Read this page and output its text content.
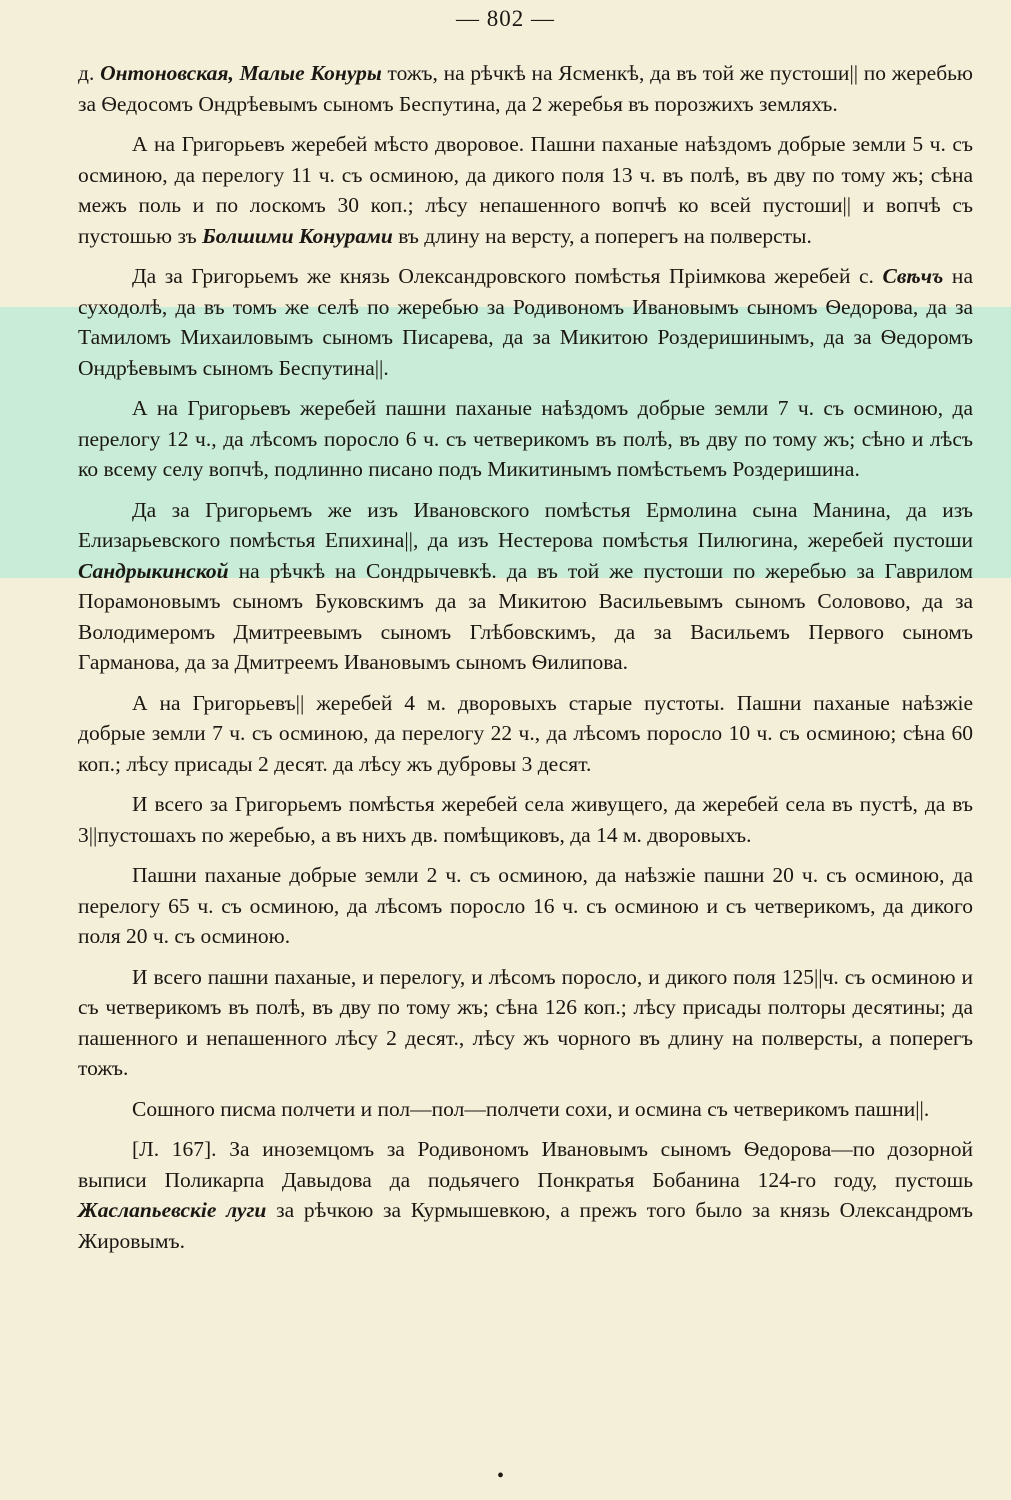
— 802 —

д. Онтоновская, Малые Конуры тожъ, на рѣчкѣ на Ясменкѣ, да въ той же пустоши|| по жеребью за Ѳедосомъ Ондрѣевымъ сыномъ Беспутина, да 2 жеребья въ порозжихъ земляхъ.

А на Григорьевъ жеребей мѣсто дворовое. Пашни паханые наѣздомъ добрые земли 5 ч. съ осминою, да перелогу 11 ч. съ осминою, да дикого поля 13 ч. въ полѣ, въ дву по тому жъ; сѣна межъ поль и по лоскомъ 30 коп.; лѣсу непашенного вопчѣ ко всей пустоши|| и вопчѣ съ пустошью зъ Болшими Конурами въ длину на версту, а поперегъ на полверсты.

Да за Григорьемъ же князь Олександровского помѣстья Пріимкова жеребей с. Свѣчъ на суходолѣ, да въ томъ же селѣ по жеребью за Родивономъ Ивановымъ сыномъ Ѳедорова, да за Тамиломъ Михаиловымъ сыномъ Писарева, да за Микитою Роздеришинымъ, да за Ѳедоромъ Ондрѣевымъ сыномъ Беспутина||.

А на Григорьевъ жеребей пашни паханые наѣздомъ добрые земли 7 ч. съ осминою, да перелогу 12 ч., да лѣсомъ поросло 6 ч. съ четверикомъ въ полѣ, въ дву по тому жъ; сѣно и лѣсъ ко всему селу вопчѣ, подлинно писано подъ Микитинымъ помѣстьемъ Роздеришина.

Да за Григорьемъ же изъ Ивановского помѣстья Ермолина сына Манина, да изъ Елизарьевского помѣстья Епихина||, да изъ Нестерова помѣстья Пилюгина, жеребей пустоши Сандрыкинской на рѣчкѣ на Сондрычевкѣ. да въ той же пустоши по жеребью за Гаврилом Порамоновымъ сыномъ Буковскимъ да за Микитою Васильевымъ сыномъ Соловово, да за Володимеромъ Дмитреевымъ сыномъ Глѣбовскимъ, да за Васильемъ Первого сыномъ Гарманова, да за Дмитреемъ Ивановымъ сыномъ Ѳилипова.

А на Григорьевъ|| жеребей 4 м. дворовыхъ старые пустоты. Пашни паханые наѣзжіе добрые земли 7 ч. съ осминою, да перелогу 22 ч., да лѣсомъ поросло 10 ч. съ осминою; сѣна 60 коп.; лѣсу присады 2 десят. да лѣсу жъ дубровы 3 десят.

И всего за Григорьемъ помѣстья жеребей села живущего, да жеребей села въ пустѣ, да въ 3||пустошахъ по жеребью, а въ нихъ дв. помѣщиковъ, да 14 м. дворовыхъ.

Пашни паханые добрые земли 2 ч. съ осминою, да наѣзжіе пашни 20 ч. съ осминою, да перелогу 65 ч. съ осминою, да лѣсомъ поросло 16 ч. съ осминою и съ четверикомъ, да дикого поля 20 ч. съ осминою.

И всего пашни паханые, и перелогу, и лѣсомъ поросло, и дикого поля 125||ч. съ осминою и съ четверикомъ въ полѣ, въ дву по тому жъ; сѣна 126 коп.; лѣсу присады полторы десятины; да пашенного и непашенного лѣсу 2 десят., лѣсу жъ чорного въ длину на полверсты, а поперегъ тожъ.

Сошного писма полчети и пол—пол—полчети сохи, и осмина съ четверикомъ пашни||.

[Л. 167]. За иноземцомъ за Родивономъ Ивановымъ сыномъ Ѳедорова—по дозорной выписи Поликарпа Давыдова да подьячего Понкратья Бобанина 124-го году, пустошь Жаслапьевскіе луги за рѣчкою за Курмышевкою, а прежъ того было за князь Олександромъ Жировымъ.

•
